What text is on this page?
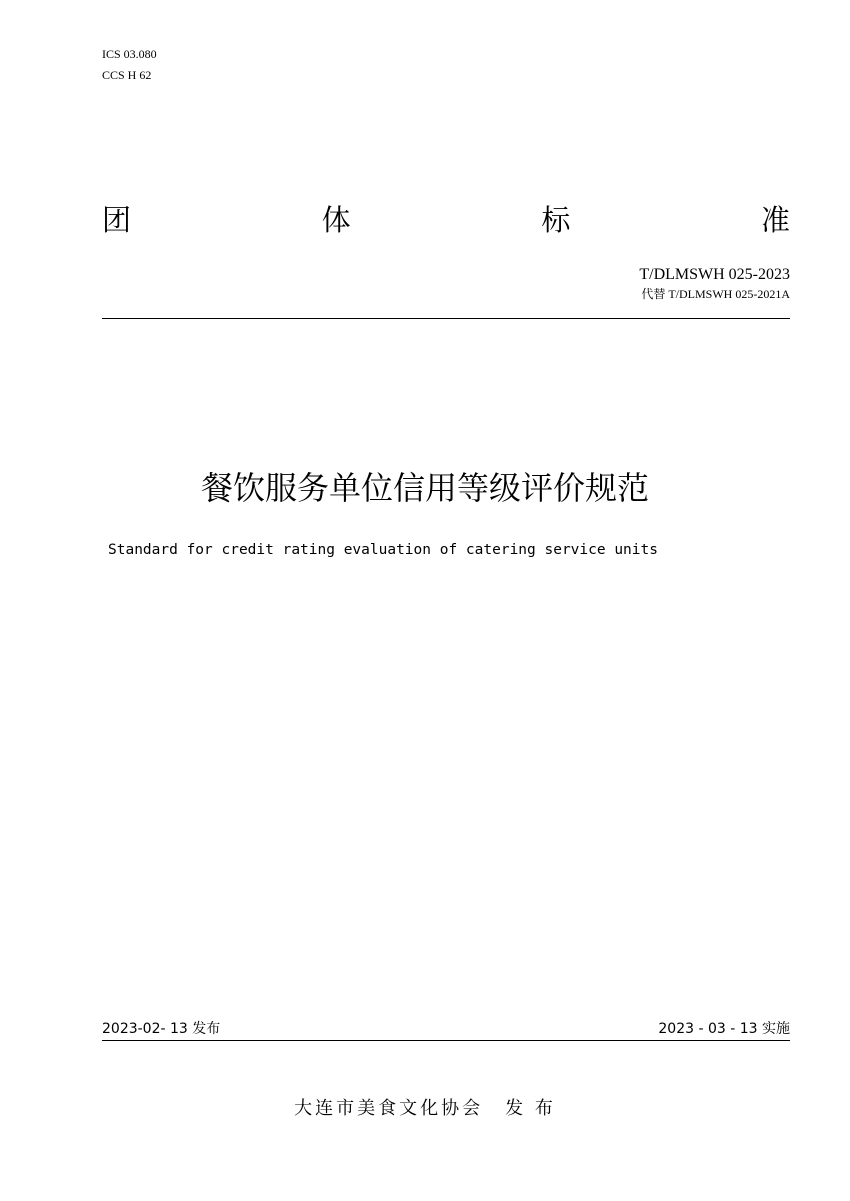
ICS 03.080
CCS H 62
团	体	标	准
T/DLMSWH 025-2023
代替 T/DLMSWH 025-2021A
餐饮服务单位信用等级评价规范
Standard for credit rating evaluation of catering service units
2023-02- 13 发布	2023 - 03 - 13 实施
大连市美食文化协会 发 布
